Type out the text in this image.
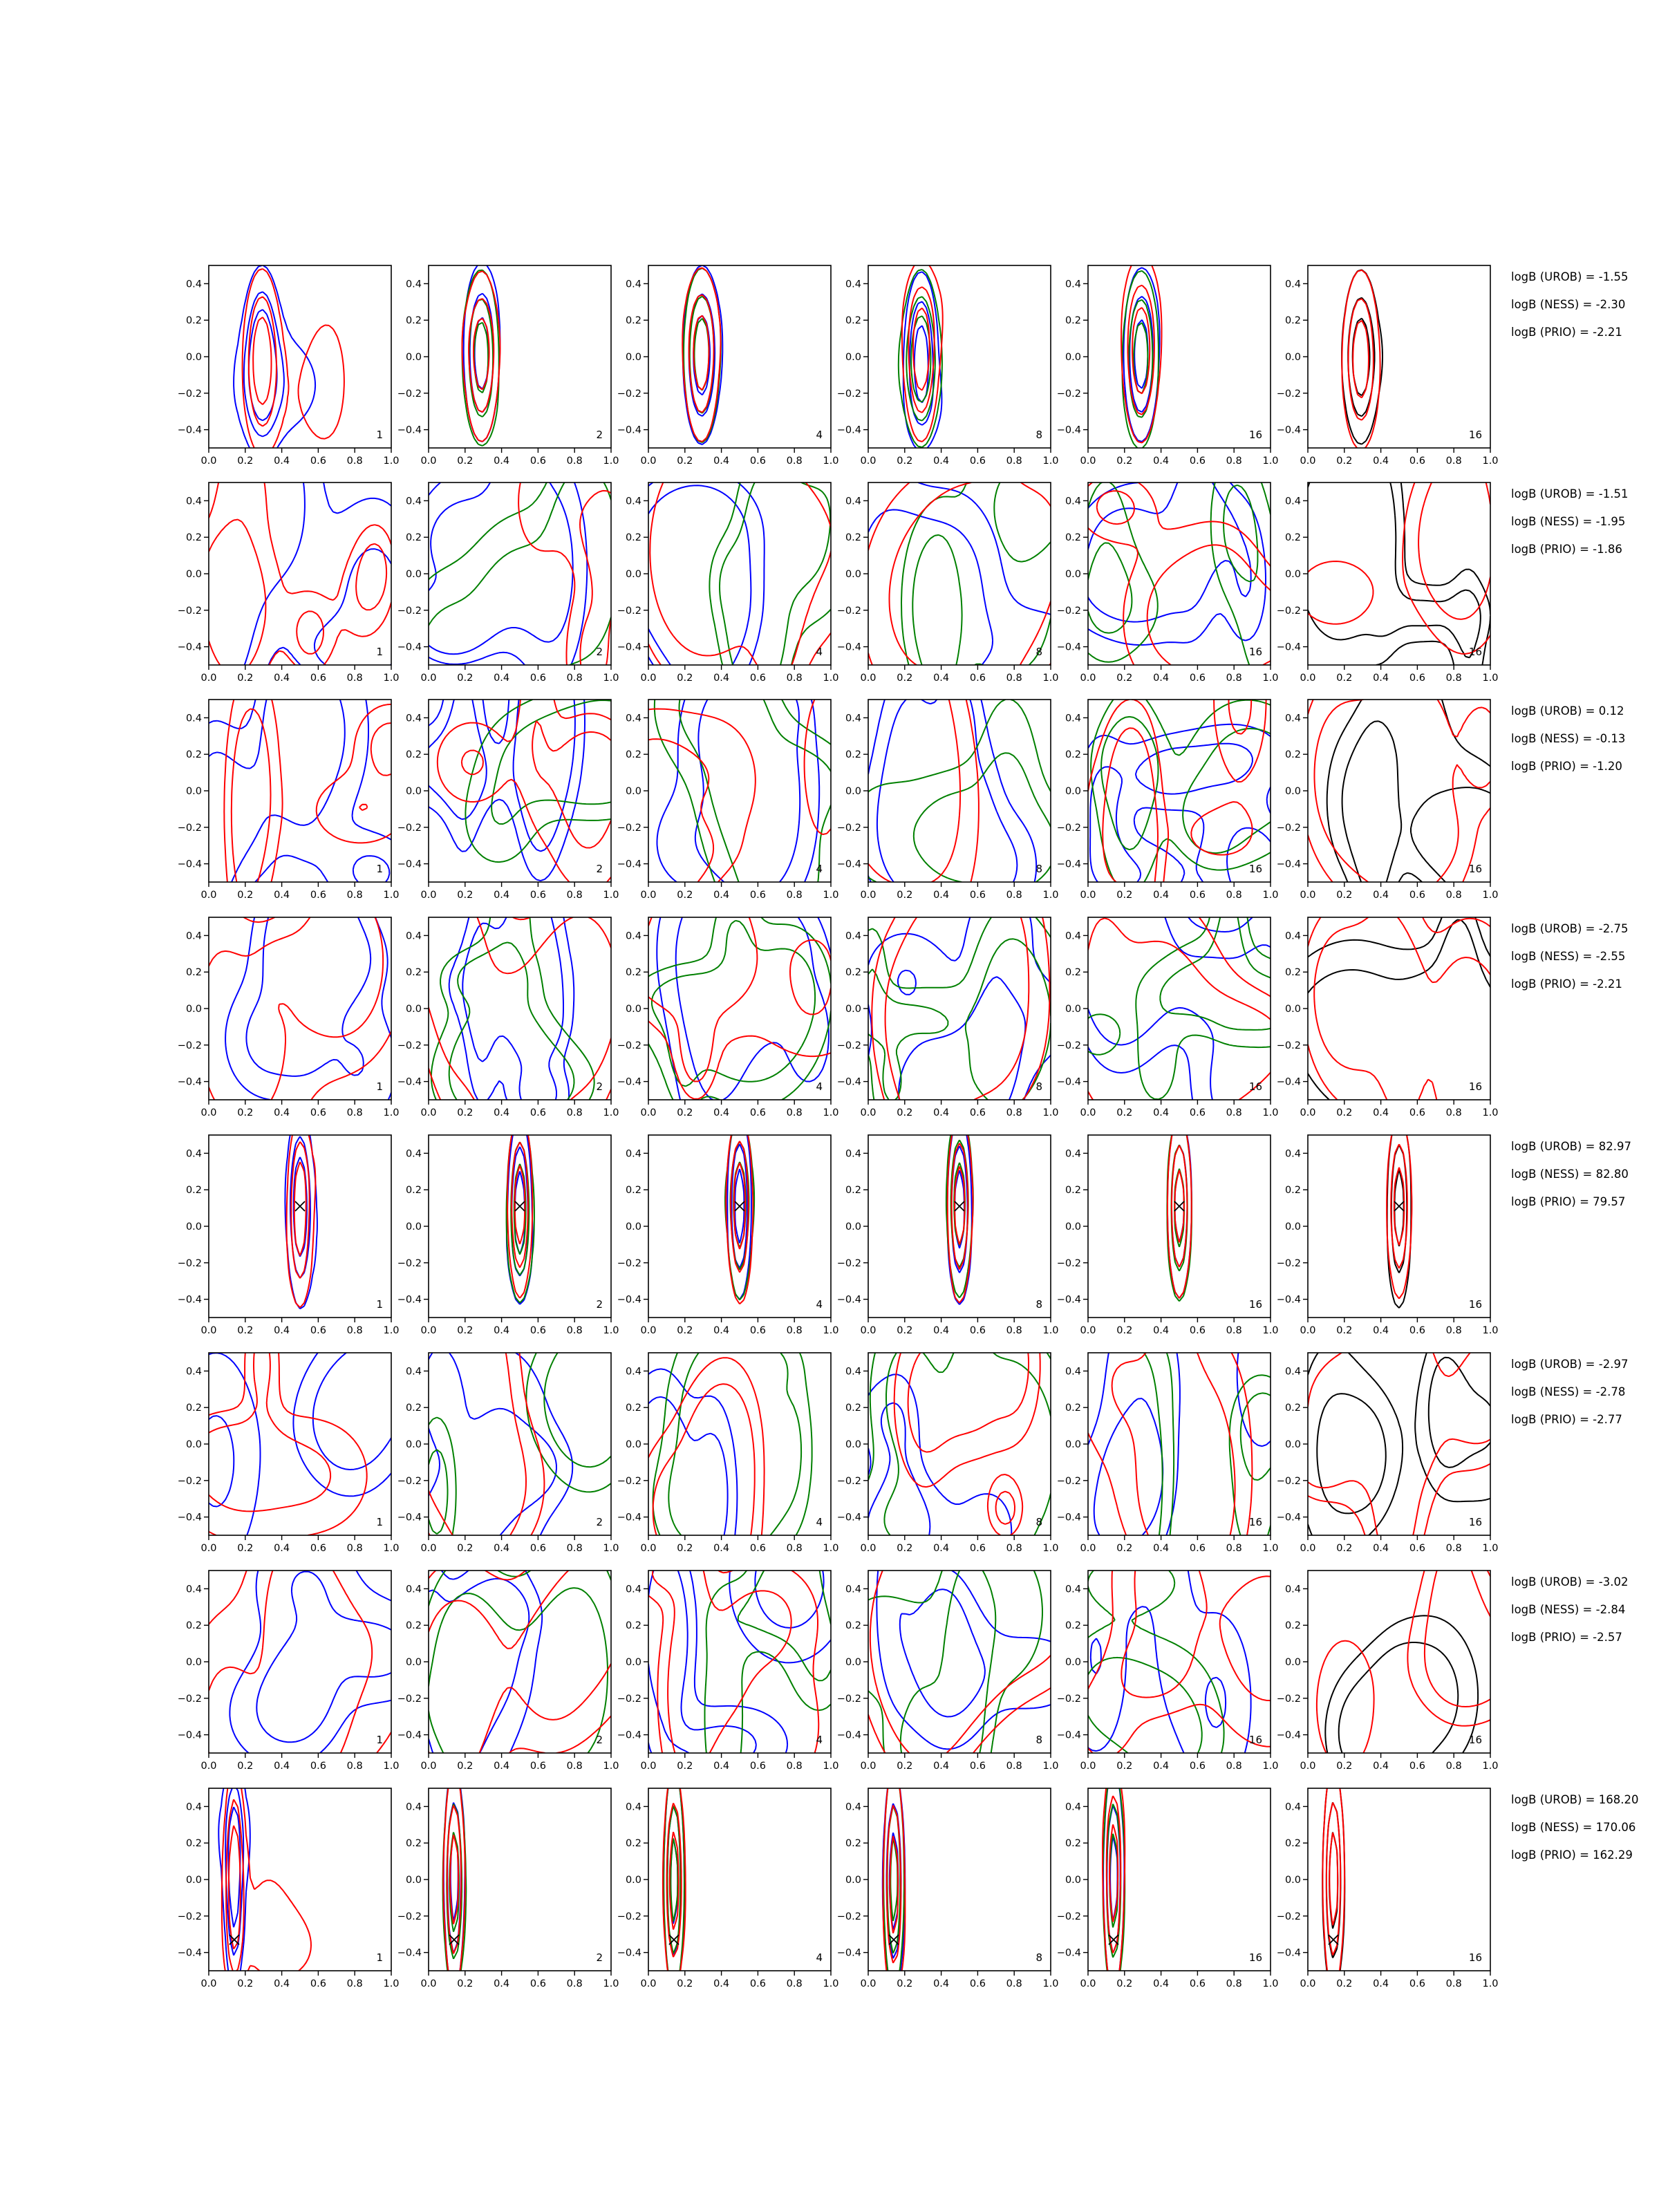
0.0 0.2 0.4 0.6 0.8 1.0
0.4
0.2
0.0
−0.2
−0.4	1
0.0 0.2 0.4 0.6 0.8 1.0
0.4
0.2
0.0
−0.2
−0.4	2
0.0 0.2 0.4 0.6 0.8 1.0
0.4
0.2
0.0
−0.2
−0.4	4
0.0 0.2 0.4 0.6 0.8 1.0
0.4
0.2
0.0
−0.2
−0.4	8
0.0 0.2 0.4 0.6 0.8 1.0
0.4
0.2
0.0
−0.2
−0.4	16
0.0 0.2 0.4 0.6 0.8 1.0
0.4
0.2
0.0
−0.2
−0.4	16
logB (UROB) = -1.55
logB (NESS) = -2.30
logB (PRIO) = -2.21
0.0 0.2 0.4 0.6 0.8 1.0
0.4
0.2
0.0
−0.2
−0.4	1
0.0 0.2 0.4 0.6 0.8 1.0
0.4
0.2
0.0
−0.2
−0.4	2
0.0 0.2 0.4 0.6 0.8 1.0
0.4
0.2
0.0
−0.2
−0.4	4
0.0 0.2 0.4 0.6 0.8 1.0
0.4
0.2
0.0
−0.2
−0.4	8
0.0 0.2 0.4 0.6 0.8 1.0
0.4
0.2
0.0
−0.2
−0.4	16
0.0 0.2 0.4 0.6 0.8 1.0
0.4
0.2
0.0
−0.2
−0.4	16
logB (UROB) = -1.51
logB (NESS) = -1.95
logB (PRIO) = -1.86
0.0 0.2 0.4 0.6 0.8 1.0
0.4
0.2
0.0
−0.2
−0.4	1
0.0 0.2 0.4 0.6 0.8 1.0
0.4
0.2
0.0
−0.2
−0.4	2
0.0 0.2 0.4 0.6 0.8 1.0
0.4
0.2
0.0
−0.2
−0.4	4
0.0 0.2 0.4 0.6 0.8 1.0
0.4
0.2
0.0
−0.2
−0.4	8
0.0 0.2 0.4 0.6 0.8 1.0
0.4
0.2
0.0
−0.2
−0.4	16
0.0 0.2 0.4 0.6 0.8 1.0
0.4
0.2
0.0
−0.2
−0.4	16
logB (UROB) = 0.12
logB (NESS) = -0.13
logB (PRIO) = -1.20
0.0 0.2 0.4 0.6 0.8 1.0
0.4
0.2
0.0
−0.2
−0.4	1
0.0 0.2 0.4 0.6 0.8 1.0
0.4
0.2
0.0
−0.2
−0.4	2
0.0 0.2 0.4 0.6 0.8 1.0
0.4
0.2
0.0
−0.2
−0.4	4
0.0 0.2 0.4 0.6 0.8 1.0
0.4
0.2
0.0
−0.2
−0.4	8
0.0 0.2 0.4 0.6 0.8 1.0
0.4
0.2
0.0
−0.2
−0.4	16
0.0 0.2 0.4 0.6 0.8 1.0
0.4
0.2
0.0
−0.2
−0.4	16
logB (UROB) = -2.75
logB (NESS) = -2.55
logB (PRIO) = -2.21
0.0 0.2 0.4 0.6 0.8 1.0
0.4
0.2
0.0
−0.2
−0.4	1
0.0 0.2 0.4 0.6 0.8 1.0
0.4
0.2
0.0
−0.2
−0.4	2
0.0 0.2 0.4 0.6 0.8 1.0
0.4
0.2
0.0
−0.2
−0.4	4
0.0 0.2 0.4 0.6 0.8 1.0
0.4
0.2
0.0
−0.2
−0.4	8
0.0 0.2 0.4 0.6 0.8 1.0
0.4
0.2
0.0
−0.2
−0.4	16
0.0 0.2 0.4 0.6 0.8 1.0
0.4
0.2
0.0
−0.2
−0.4	16
logB (UROB) = 82.97
logB (NESS) = 82.80
logB (PRIO) = 79.57
0.0 0.2 0.4 0.6 0.8 1.0
0.4
0.2
0.0
−0.2
−0.4	1
0.0 0.2 0.4 0.6 0.8 1.0
0.4
0.2
0.0
−0.2
−0.4	2
0.0 0.2 0.4 0.6 0.8 1.0
0.4
0.2
0.0
−0.2
−0.4	4
0.0 0.2 0.4 0.6 0.8 1.0
0.4
0.2
0.0
−0.2
−0.4	8
0.0 0.2 0.4 0.6 0.8 1.0
0.4
0.2
0.0
−0.2
−0.4	16
0.0 0.2 0.4 0.6 0.8 1.0
0.4
0.2
0.0
−0.2
−0.4	16
logB (UROB) = -2.97
logB (NESS) = -2.78
logB (PRIO) = -2.77
0.0 0.2 0.4 0.6 0.8 1.0
0.4
0.2
0.0
−0.2
−0.4	1
0.0 0.2 0.4 0.6 0.8 1.0
0.4
0.2
0.0
−0.2
−0.4	2
0.0 0.2 0.4 0.6 0.8 1.0
0.4
0.2
0.0
−0.2
−0.4	4
0.0 0.2 0.4 0.6 0.8 1.0
0.4
0.2
0.0
−0.2
−0.4	8
0.0 0.2 0.4 0.6 0.8 1.0
0.4
0.2
0.0
−0.2
−0.4	16
0.0 0.2 0.4 0.6 0.8 1.0
0.4
0.2
0.0
−0.2
−0.4	16
logB (UROB) = -3.02
logB (NESS) = -2.84
logB (PRIO) = -2.57
0.0 0.2 0.4 0.6 0.8 1.0
0.4
0.2
0.0
−0.2
−0.4	1
0.0 0.2 0.4 0.6 0.8 1.0
0.4
0.2
0.0
−0.2
−0.4	2
0.0 0.2 0.4 0.6 0.8 1.0
0.4
0.2
0.0
−0.2
−0.4	4
0.0 0.2 0.4 0.6 0.8 1.0
0.4
0.2
0.0
−0.2
−0.4	8
0.0 0.2 0.4 0.6 0.8 1.0
0.4
0.2
0.0
−0.2
−0.4	16
0.0 0.2 0.4 0.6 0.8 1.0
0.4
0.2
0.0
−0.2
−0.4	16
logB (UROB) = 168.20
logB (NESS) = 170.06
logB (PRIO) = 162.29
